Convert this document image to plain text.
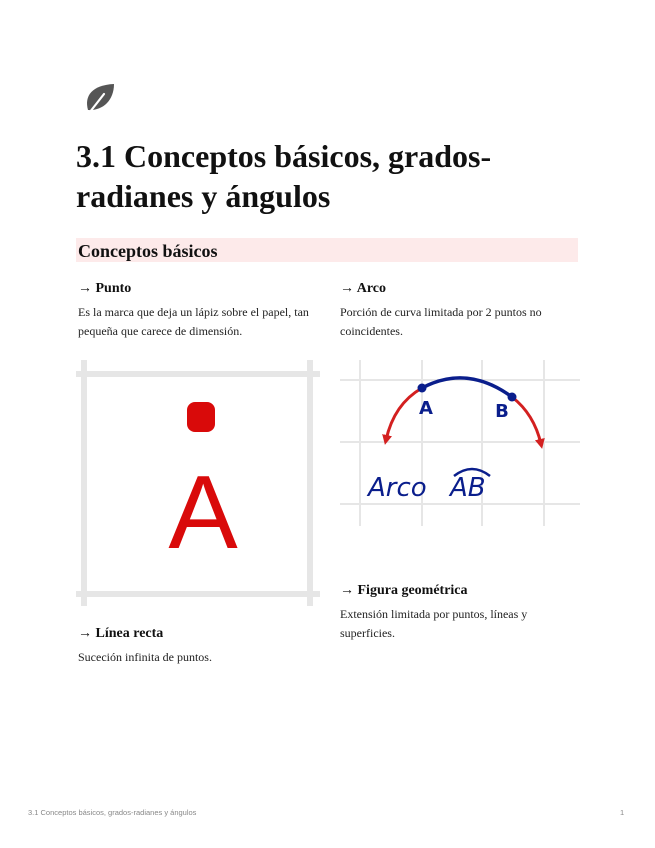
3.1 Conceptos básicos, grados-radianes y ángulos
Conceptos básicos
→ Punto

Es la marca que deja un lápiz sobre el papel, tan pequeña que carece de dimensión.

A
→ Línea recta

Suceción infinita de puntos.

→ Arco

Porción de curva limitada por 2 puntos no coincidentes.

A	B
Arco AB
→ Figura geométrica

Extensión limitada por puntos, líneas y superficies.

3.1 Conceptos básicos, grados-radianes y ángulos	1
